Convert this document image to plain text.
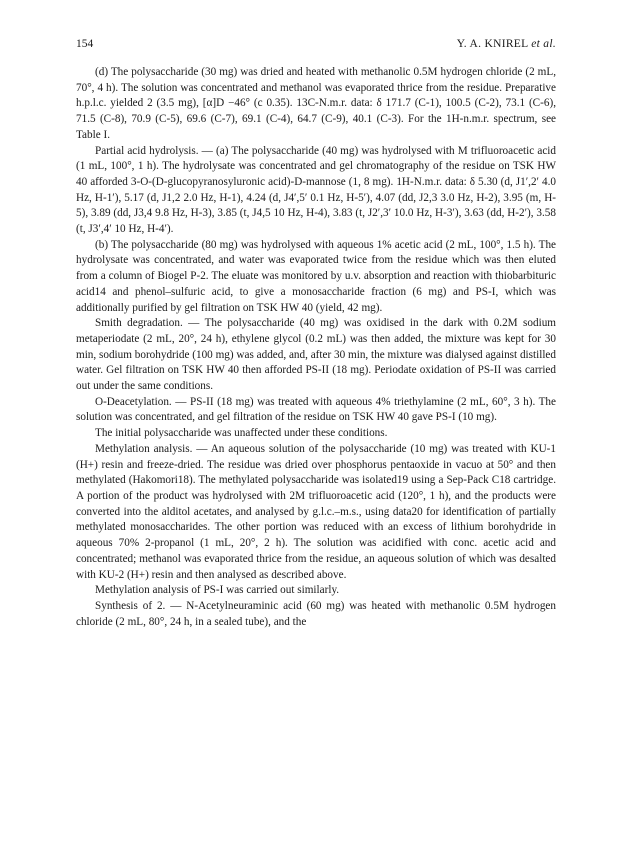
154	Y. A. KNIREL et al.

(d) The polysaccharide (30 mg) was dried and heated with methanolic 0.5M hydrogen chloride (2 mL, 70°, 4 h). The solution was concentrated and methanol was evaporated thrice from the residue. Preparative h.p.l.c. yielded 2 (3.5 mg), [α]D −46° (c 0.35). 13C-N.m.r. data: δ 171.7 (C-1), 100.5 (C-2), 73.1 (C-6), 71.5 (C-8), 70.9 (C-5), 69.6 (C-7), 69.1 (C-4), 64.7 (C-9), 40.1 (C-3). For the 1H-n.m.r. spectrum, see Table I.

Partial acid hydrolysis. — (a) The polysaccharide (40 mg) was hydrolysed with M trifluoroacetic acid (1 mL, 100°, 1 h). The hydrolysate was concentrated and gel chromatography of the residue on TSK HW 40 afforded 3-O-(D-glucopyranosyluronic acid)-D-mannose (1, 8 mg). 1H-N.m.r. data: δ 5.30 (d, J1′,2′ 4.0 Hz, H-1′), 5.17 (d, J1,2 2.0 Hz, H-1), 4.24 (d, J4′,5′ 0.1 Hz, H-5′), 4.07 (dd, J2,3 3.0 Hz, H-2), 3.95 (m, H-5), 3.89 (dd, J3,4 9.8 Hz, H-3), 3.85 (t, J4,5 10 Hz, H-4), 3.83 (t, J2′,3′ 10.0 Hz, H-3′), 3.63 (dd, H-2′), 3.58 (t, J3′,4′ 10 Hz, H-4′).

(b) The polysaccharide (80 mg) was hydrolysed with aqueous 1% acetic acid (2 mL, 100°, 1.5 h). The hydrolysate was concentrated, and water was evaporated twice from the residue which was then eluted from a column of Biogel P-2. The eluate was monitored by u.v. absorption and reaction with thiobarbituric acid14 and phenol–sulfuric acid, to give a monosaccharide fraction (6 mg) and PS-I, which was additionally purified by gel filtration on TSK HW 40 (yield, 42 mg).

Smith degradation. — The polysaccharide (40 mg) was oxidised in the dark with 0.2M sodium metaperiodate (2 mL, 20°, 24 h), ethylene glycol (0.2 mL) was then added, the mixture was kept for 30 min, sodium borohydride (100 mg) was added, and, after 30 min, the mixture was dialysed against distilled water. Gel filtration on TSK HW 40 then afforded PS-II (18 mg). Periodate oxidation of PS-II was carried out under the same conditions.

O-Deacetylation. — PS-II (18 mg) was treated with aqueous 4% triethylamine (2 mL, 60°, 3 h). The solution was concentrated, and gel filtration of the residue on TSK HW 40 gave PS-I (10 mg).

The initial polysaccharide was unaffected under these conditions.

Methylation analysis. — An aqueous solution of the polysaccharide (10 mg) was treated with KU-1 (H+) resin and freeze-dried. The residue was dried over phosphorus pentaoxide in vacuo at 50° and then methylated (Hakomori18). The methylated polysaccharide was isolated19 using a Sep-Pack C18 cartridge. A portion of the product was hydrolysed with 2M trifluoroacetic acid (120°, 1 h), and the products were converted into the alditol acetates, and analysed by g.l.c.–m.s., using data20 for identification of partially methylated monosaccharides. The other portion was reduced with an excess of lithium borohydride in aqueous 70% 2-propanol (1 mL, 20°, 2 h). The solution was acidified with conc. acetic acid and concentrated; methanol was evaporated thrice from the residue, an aqueous solution of which was desalted with KU-2 (H+) resin and then analysed as described above.

Methylation analysis of PS-I was carried out similarly.

Synthesis of 2. — N-Acetylneuraminic acid (60 mg) was heated with methanolic 0.5M hydrogen chloride (2 mL, 80°, 24 h, in a sealed tube), and the
